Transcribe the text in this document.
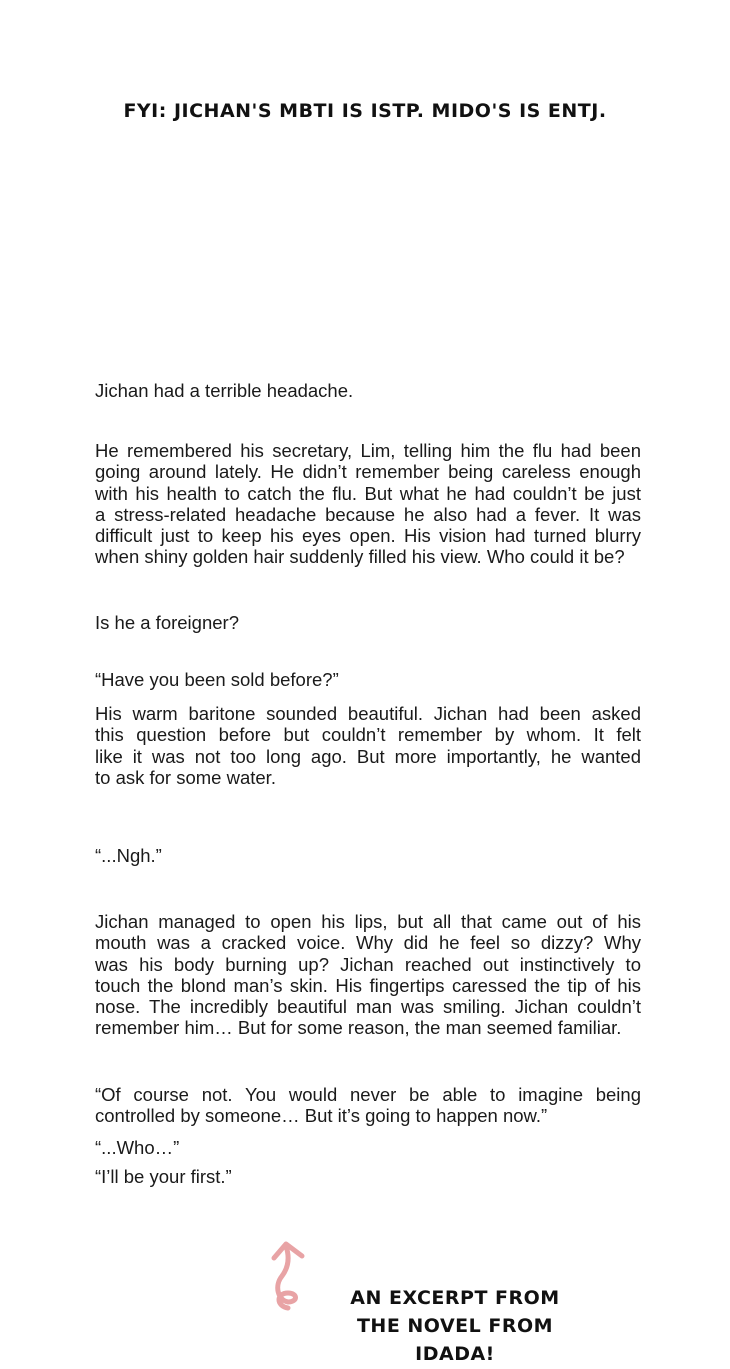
FYI: JICHAN'S MBTI IS ISTP. MIDO'S IS ENTJ.
Jichan had a terrible headache.
He remembered his secretary, Lim, telling him the flu had been
going around lately. He didn’t remember being careless enough
with his health to catch the flu. But what he had couldn’t be just
a stress-related headache because he also had a fever. It was
difficult just to keep his eyes open. His vision had turned blurry
when shiny golden hair suddenly filled his view. Who could it be?
Is he a foreigner?
“Have you been sold before?”
His warm baritone sounded beautiful. Jichan had been asked
this question before but couldn’t remember by whom. It felt
like it was not too long ago. But more importantly, he wanted
to ask for some water.
“...Ngh.”
Jichan managed to open his lips, but all that came out of his
mouth was a cracked voice. Why did he feel so dizzy? Why
was his body burning up? Jichan reached out instinctively to
touch the blond man’s skin. His fingertips caressed the tip of his
nose. The incredibly beautiful man was smiling. Jichan couldn’t
remember him… But for some reason, the man seemed familiar.
“Of course not. You would never be able to imagine being
controlled by someone… But it’s going to happen now.”
“...Who…”
“I’ll be your first.”
AN EXCERPT FROM
THE NOVEL FROM IDADA!
